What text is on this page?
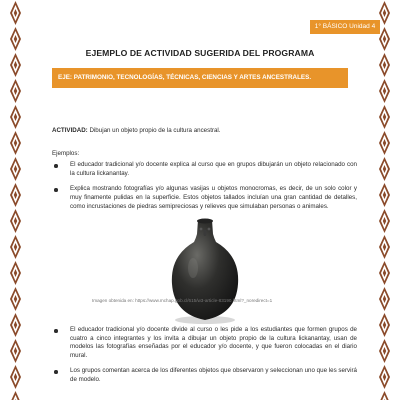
1° BÁSICO Unidad 4
EJEMPLO DE ACTIVIDAD SUGERIDA DEL PROGRAMA
EJE: PATRIMONIO, TECNOLOGÍAS, TÉCNICAS, CIENCIAS Y ARTES ANCESTRALES.

ACTIVIDAD: Dibujan un objeto propio de la cultura ancestral.

Ejemplos:

El educador tradicional y/o docente explica al curso que en grupos dibujarán un objeto relacionado con la cultura lickanantay.
Explica mostrando fotografías y/o algunas vasijas u objetos monocromas, es decir, de un solo color y muy finamente pulidas en la superficie. Estos objetos tallados incluían una gran cantidad de detalles, como incrustaciones de piedras semipreciosas y relieves que simulaban personas o animales.
Imagen obtenida en: https://www.mchap.gob.cl/615/w3-article-83190.html?_noredirect=1
El educador tradicional y/o docente divide al curso o les pide a los estudiantes que formen grupos de cuatro a cinco integrantes y los invita a dibujar un objeto propio de la cultura lickanantay, usan de modelos las fotografías enseñadas por el educador y/o docente, y que fueron colocadas en el diario mural.
Los grupos comentan acerca de los diferentes objetos que observaron y seleccionan uno que les servirá de modelo.
